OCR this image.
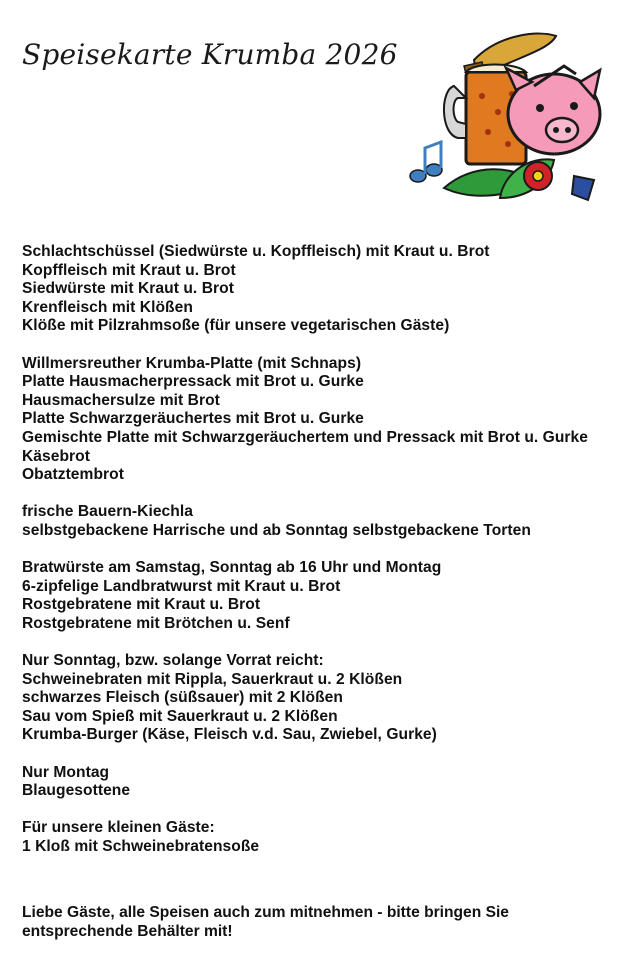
Speisekarte Krumba 2026
Schlachtschüssel (Siedwürste u. Kopffleisch) mit Kraut u. Brot
Kopffleisch mit Kraut u. Brot
Siedwürste mit Kraut u. Brot
Krenfleisch mit Klößen
Klöße mit Pilzrahmsoße (für unsere vegetarischen Gäste)
Willmersreuther Krumba-Platte (mit Schnaps)
Platte Hausmacherpressack mit Brot u. Gurke
Hausmachersulze mit Brot
Platte Schwarzgeräuchertes mit Brot u. Gurke
Gemischte Platte mit Schwarzgeräuchertem und Pressack mit Brot u. Gurke
Käsebrot
Obatztembrot
frische Bauern-Kiechla
selbstgebackene Harrische und ab Sonntag selbstgebackene Torten
Bratwürste am Samstag, Sonntag ab 16 Uhr und Montag
6-zipfelige Landbratwurst mit Kraut u. Brot
Rostgebratene mit Kraut u. Brot
Rostgebratene mit Brötchen u. Senf
Nur Sonntag, bzw. solange Vorrat reicht:
Schweinebraten mit Rippla, Sauerkraut u. 2 Klößen
schwarzes Fleisch (süßsauer) mit 2 Klößen
Sau vom Spieß mit Sauerkraut u. 2 Klößen
Krumba-Burger (Käse, Fleisch v.d. Sau, Zwiebel, Gurke)
Nur Montag
Blaugesottene
Für unsere kleinen Gäste:
1 Kloß mit Schweinebratensoße
Liebe Gäste, alle Speisen auch zum mitnehmen - bitte bringen Sie
entsprechende Behälter mit!
